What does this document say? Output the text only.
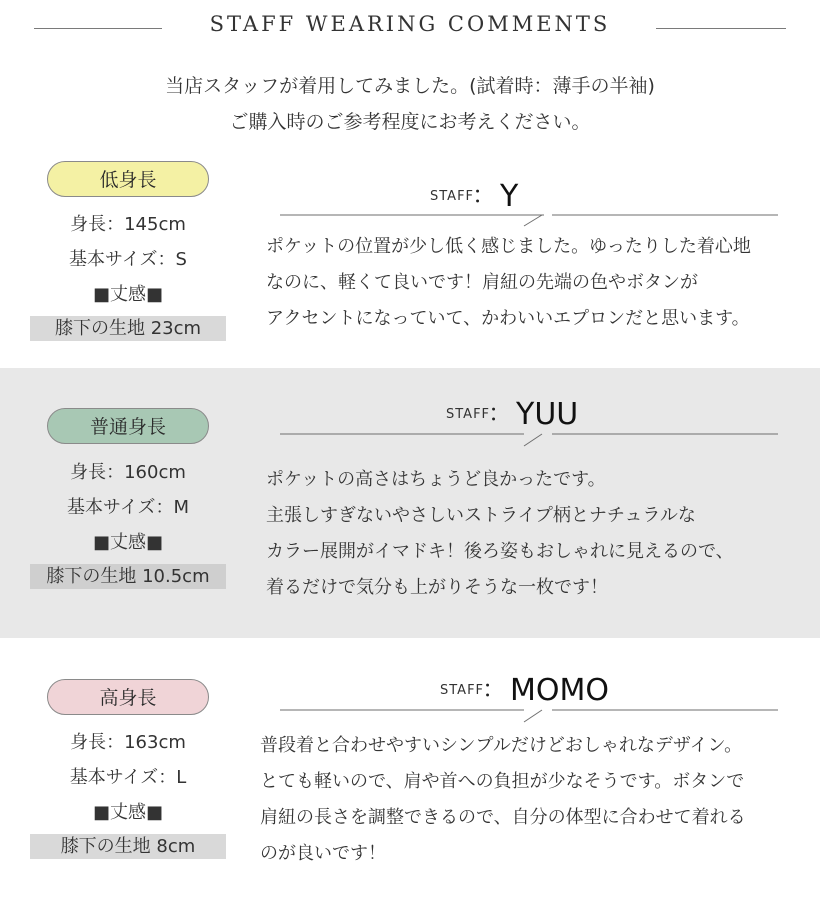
STAFF WEARING COMMENTS
当店スタッフが着用してみました。(試着時：薄手の半袖)
ご購入時のご参考程度にお考えください。
低身長
身長：145cm
基本サイズ：S
■丈感■
膝下の生地 23cm
STAFF
： Y
ポケットの位置が少し低く感じました。ゆったりした着心地
なのに、軽くて良いです！肩紐の先端の色やボタンが
アクセントになっていて、かわいいエプロンだと思います。
普通身長
身長：160cm
基本サイズ：M
■丈感■
膝下の生地 10.5cm
STAFF
： YUU
ポケットの高さはちょうど良かったです。
主張しすぎないやさしいストライプ柄とナチュラルな
カラー展開がイマドキ！後ろ姿もおしゃれに見えるので、
着るだけで気分も上がりそうな一枚です！
高身長
身長：163cm
基本サイズ：L
■丈感■
膝下の生地 8cm
STAFF
： MOMO
普段着と合わせやすいシンプルだけどおしゃれなデザイン。
とても軽いので、肩や首への負担が少なそうです。ボタンで
肩紐の長さを調整できるので、自分の体型に合わせて着れる
のが良いです！
